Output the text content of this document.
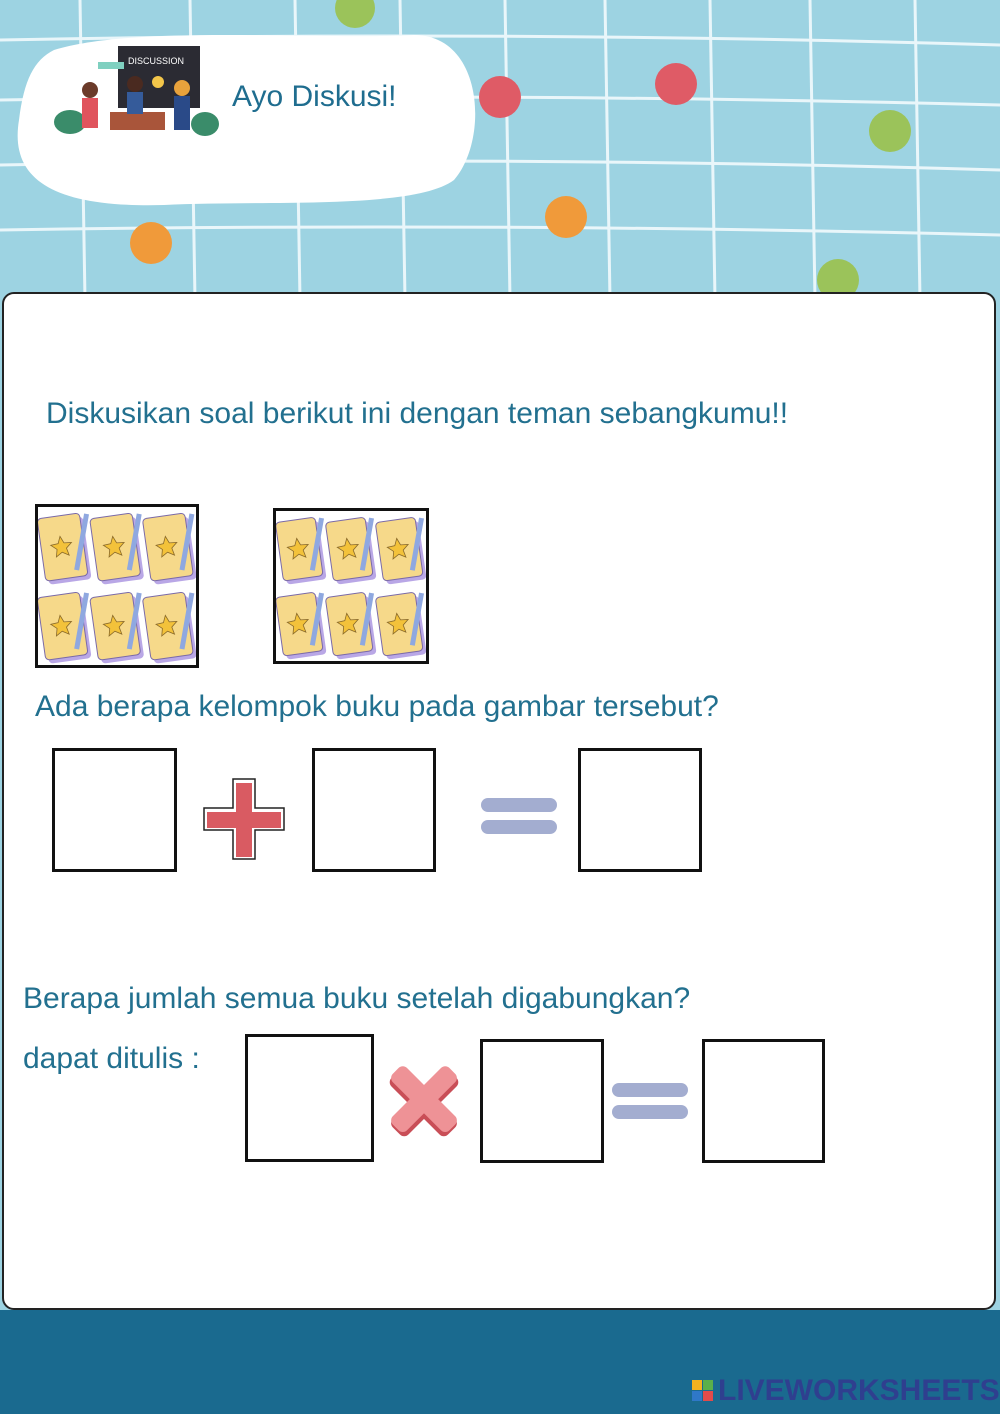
DISCUSSION
Ayo Diskusi!
Diskusikan soal berikut ini dengan teman sebangkumu!!
Ada berapa kelompok buku pada gambar tersebut?
Berapa jumlah semua buku setelah digabungkan?
dapat ditulis :
LIVEWORKSHEETS
